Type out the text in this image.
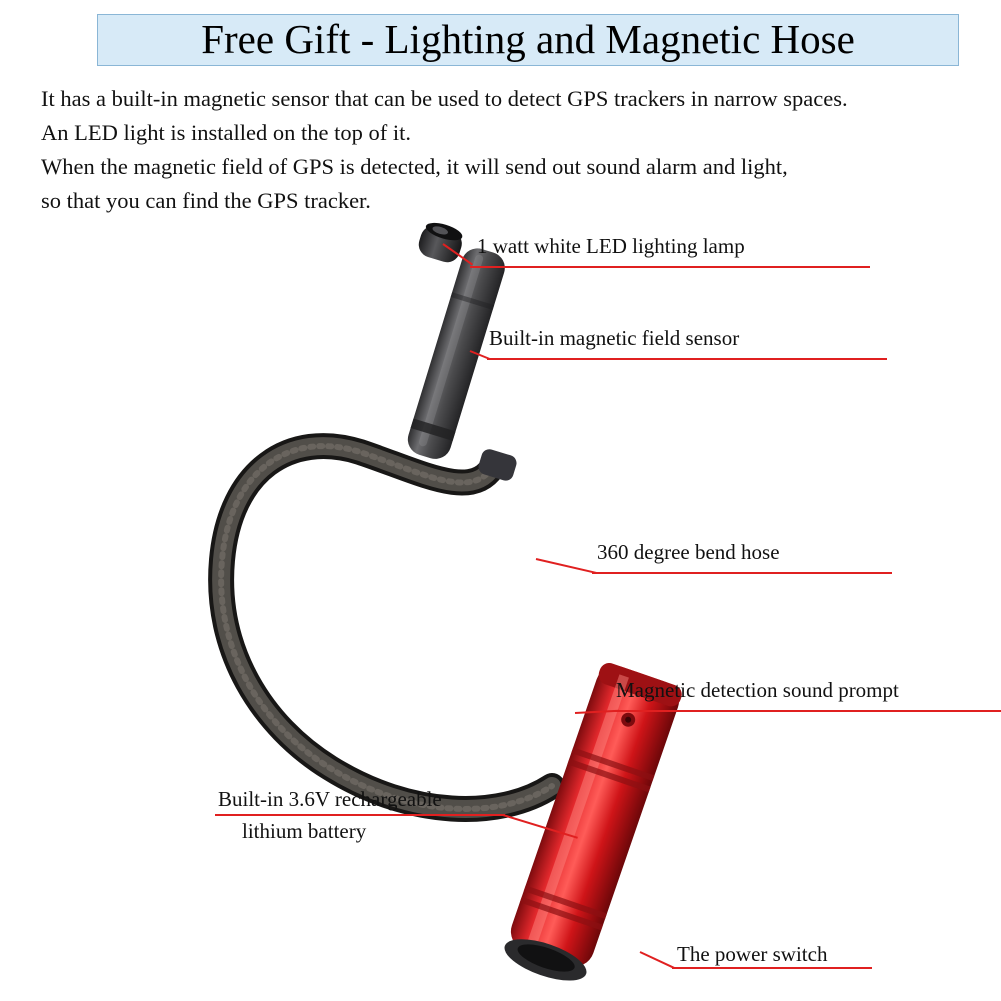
Free Gift - Lighting and Magnetic Hose
It has a built-in magnetic sensor that can be used to detect GPS trackers in narrow spaces.
An LED light is installed on the top of it.
When the magnetic field of GPS is detected, it will send out sound alarm and light,
so that you can find the GPS tracker.
1 watt white LED lighting lamp
Built-in magnetic field sensor
360 degree bend hose
Magnetic detection sound prompt
Built-in 3.6V rechargeable
lithium battery
The power switch
